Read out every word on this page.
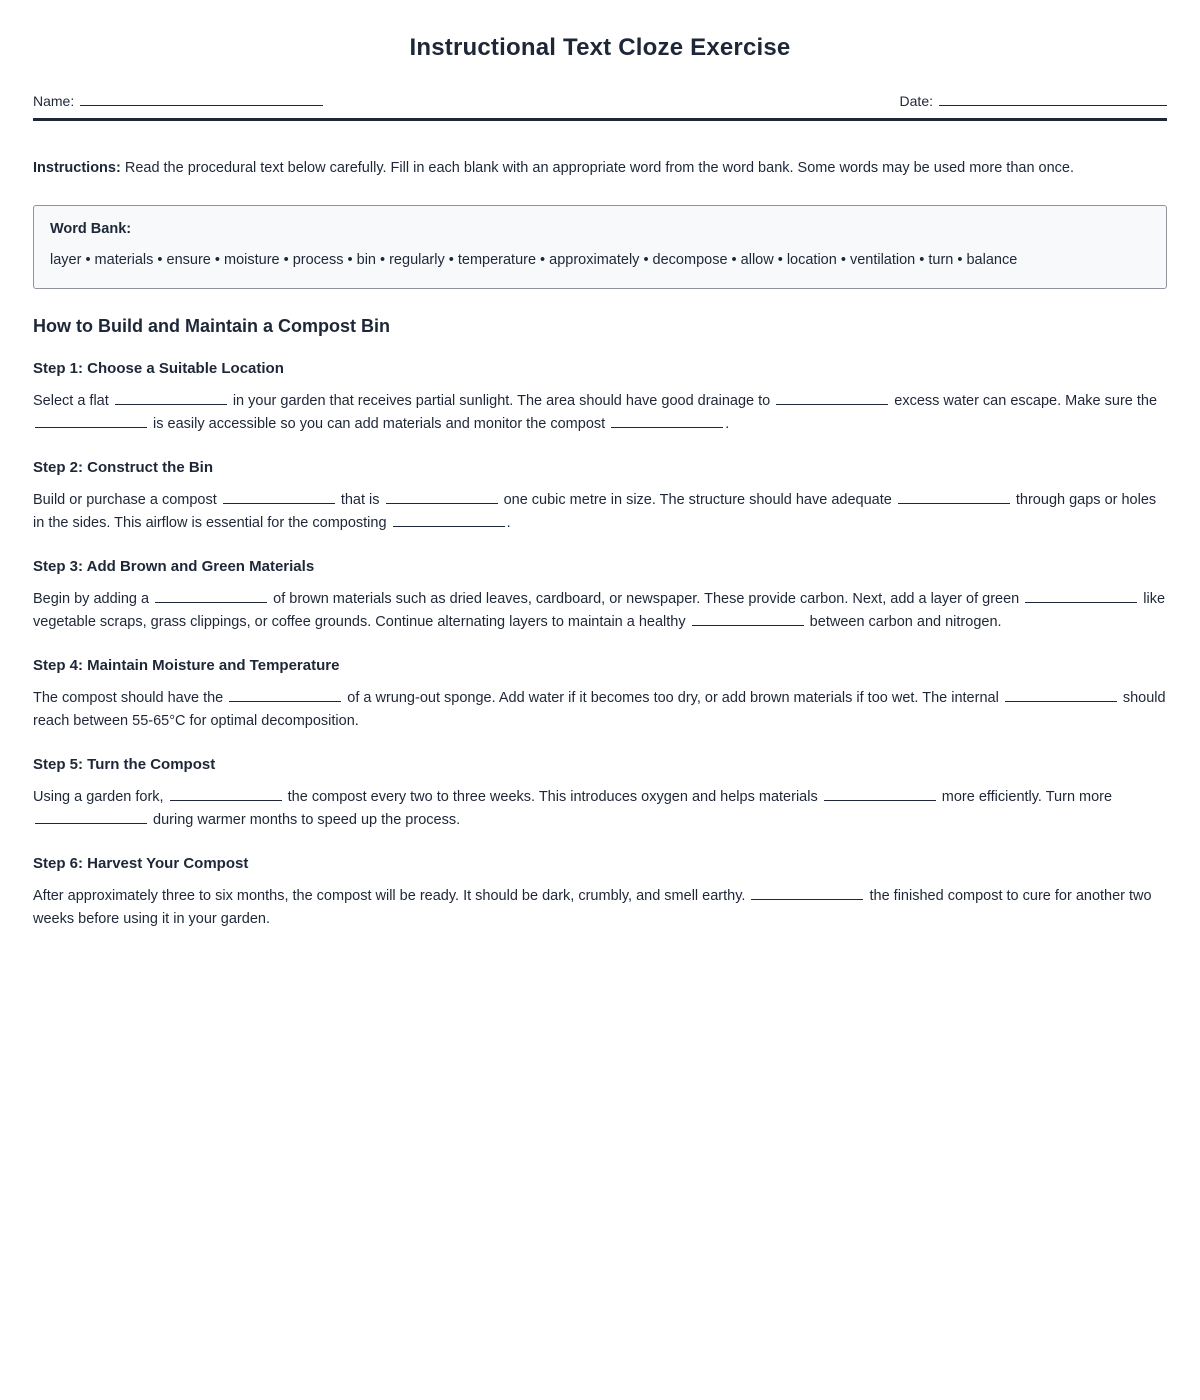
Instructional Text Cloze Exercise
Name:	Date:

Instructions: Read the procedural text below carefully. Fill in each blank with an appropriate word from the word bank. Some words may be used more than once.

Word Bank:
layer • materials • ensure • moisture • process • bin • regularly • temperature • approximately • decompose • allow • location • ventilation • turn • balance
How to Build and Maintain a Compost Bin
Step 1: Choose a Suitable Location

Select a flat	in your garden that receives partial sunlight. The area should have good drainage to	excess water can escape. Make sure the  is easily accessible so you can add materials and monitor the compost	.

Step 2: Construct the Bin

Build or purchase a compost	that is	one cubic metre in size. The structure should have adequate	through gaps or holes in the sides. This airflow is essential for the composting	.

Step 3: Add Brown and Green Materials

Begin by adding a	of brown materials such as dried leaves, cardboard, or newspaper. These provide carbon. Next, add a layer of green	like vegetable scraps, grass clippings, or coffee grounds. Continue alternating layers to maintain a healthy	between carbon and nitrogen.

Step 4: Maintain Moisture and Temperature

The compost should have the	of a wrung-out sponge. Add water if it becomes too dry, or add brown materials if too wet. The internal	should reach between 55-65°C for optimal decomposition.

Step 5: Turn the Compost

Using a garden fork,	the compost every two to three weeks. This introduces oxygen and helps materials	more efficiently. Turn more  during warmer months to speed up the process.

Step 6: Harvest Your Compost

After approximately three to six months, the compost will be ready. It should be dark, crumbly, and smell earthy.	the finished compost to cure for another two weeks before using it in your garden.
